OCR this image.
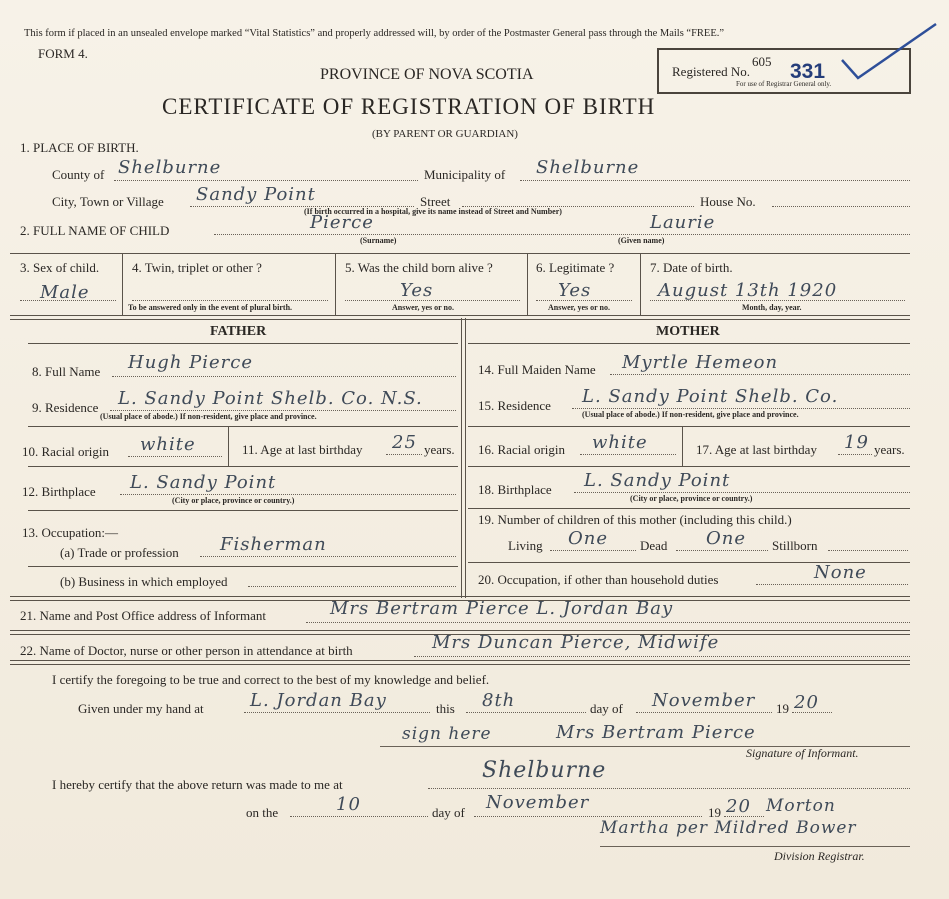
This form if placed in an unsealed envelope marked “Vital Statistics” and properly addressed will, by order of the Postmaster General pass through the Mails “FREE.”
FORM 4.
PROVINCE OF NOVA SCOTIA
CERTIFICATE OF REGISTRATION OF BIRTH
(BY PARENT OR GUARDIAN)
Registered No.
605 331
For use of Registrar General only.
1. PLACE OF BIRTH.
County of Shelburne	Municipality of Shelburne
City, Town or Village Sandy Point	Street	House No.
(If birth occurred in a hospital, give its name instead of Street and Number)
2. FULL NAME OF CHILD	Pierce	Laurie
(Surname)	(Given name)
3. Sex of child.
Male
4. Twin, triplet or other ?
To be answered only in the event of plural birth.
5. Was the child born alive ?
Yes
Answer, yes or no.
6. Legitimate ?
Yes
Answer, yes or no.
7. Date of birth.
August 13th 1920
Month, day, year.
FATHER	MOTHER
8. Full Name Hugh Pierce
9. Residence L. Sandy Point Shelb. Co. N.S.
(Usual place of abode.) If non-resident, give place and province.
10. Racial origin white	11. Age at last birthday 25 years.
12. Birthplace L. Sandy Point
(City or place, province or country.)
13. Occupation:—
(a) Trade or profession Fisherman
(b) Business in which employed
14. Full Maiden Name Myrtle Hemeon
15. Residence L. Sandy Point Shelb. Co.
(Usual place of abode.) If non-resident, give place and province.
16. Racial origin white	17. Age at last birthday 19 years.
18. Birthplace L. Sandy Point
(City or place, province or country.)
19. Number of children of this mother (including this child.)
Living One Dead One Stillborn
20. Occupation, if other than household duties	None
21. Name and Post Office address of Informant	Mrs Bertram Pierce L. Jordan Bay
22. Name of Doctor, nurse or other person in attendance at birth	Mrs Duncan Pierce, Midwife
I certify the foregoing to be true and correct to the best of my knowledge and belief.
Given under my hand at	L. Jordan Bay	this 8th	day of November 19 20
sign here	Mrs Bertram Pierce
Signature of Informant.
I hereby certify that the above return was made to me at
Shelburne
on the	10	day of November	19 20 Morton
Martha per Mildred Bower
Division Registrar.
